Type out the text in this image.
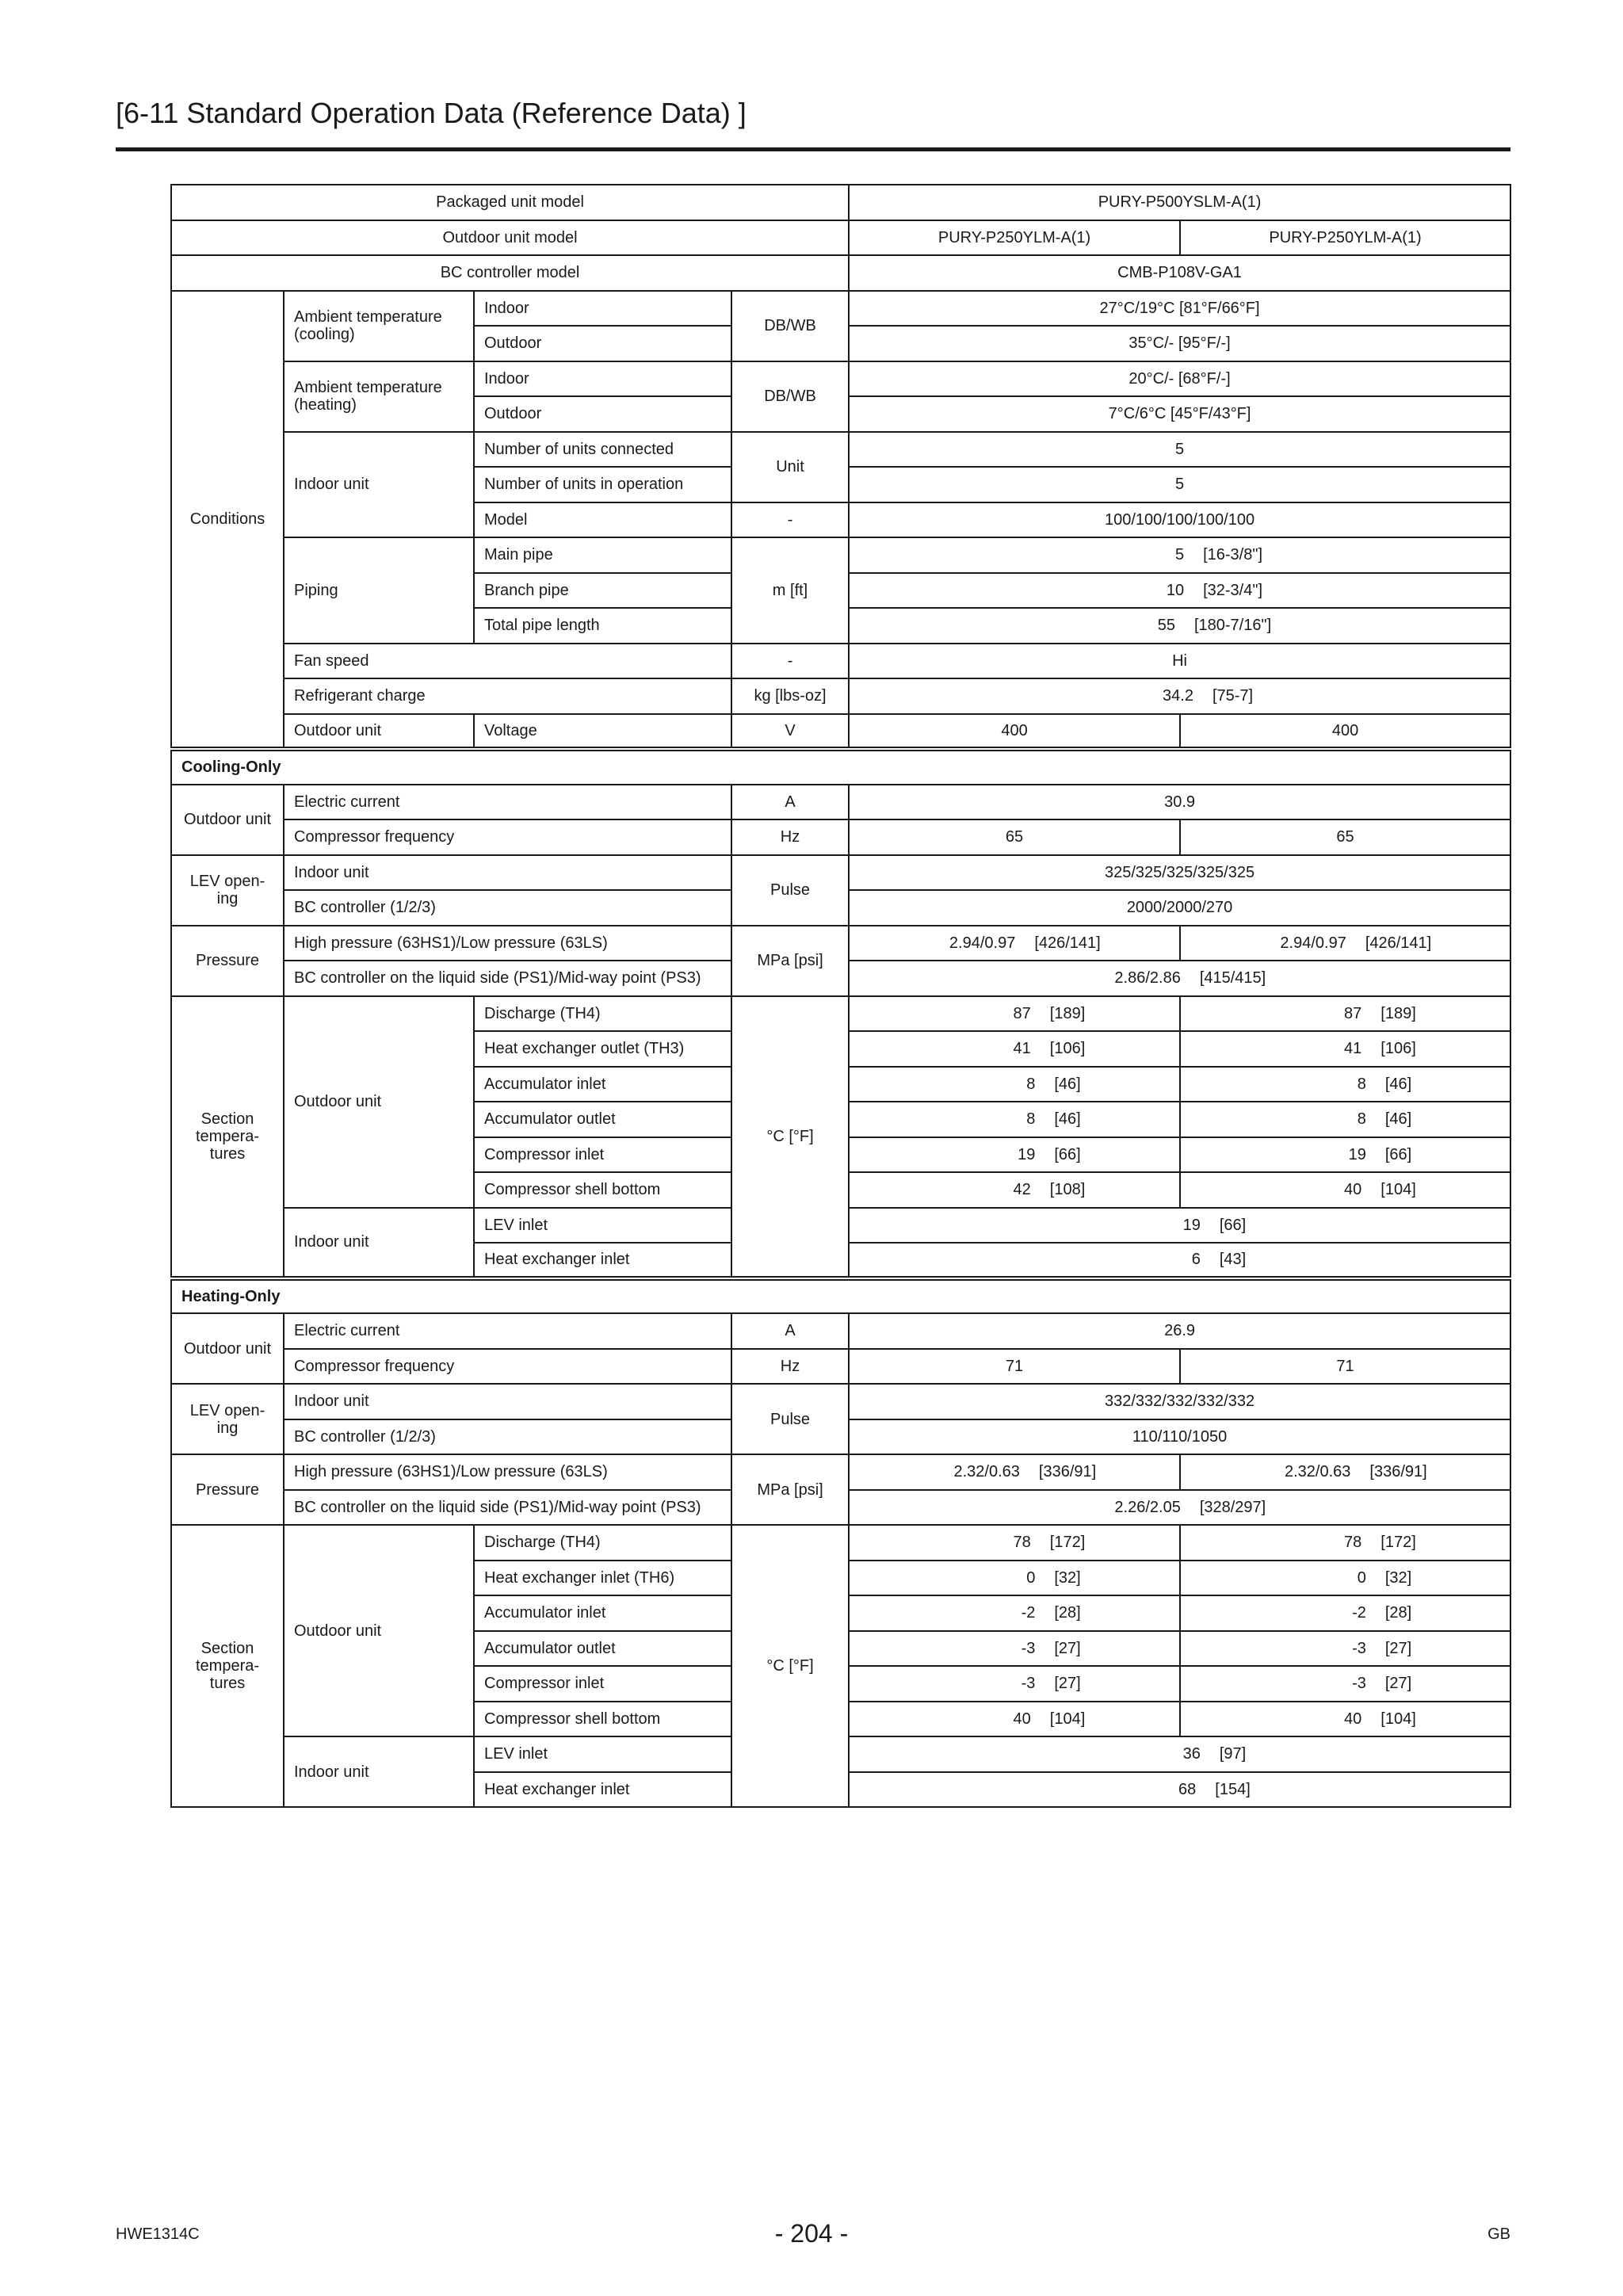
[6-11 Standard Operation Data (Reference Data) ]
Packaged unit model				PURY-P500YSLM-A(1)	
Outdoor unit model				PURY-P250YLM-A(1)	PURY-P250YLM-A(1)
BC controller model				CMB-P108V-GA1	
Conditions	Ambient temperature (cooling)	Indoor	DB/WB	27°C/19°C [81°F/66°F]	
		Outdoor		35°C/- [95°F/-]	
	Ambient temperature (heating)	Indoor	DB/WB	20°C/- [68°F/-]	
		Outdoor		7°C/6°C [45°F/43°F]	
	Indoor unit	Number of units connected	Unit	5	
		Number of units in operation		5	
		Model	-	100/100/100/100/100	
	Piping	Main pipe	m [ft]	5 [16-3/8"]	
		Branch pipe		10 [32-3/4"]	
		Total pipe length		55 [180-7/16"]	
	Fan speed		-	Hi	
	Refrigerant charge		kg [lbs-oz]	34.2 [75-7]	
	Outdoor unit	Voltage	V	400	400
Cooling-Only					
Outdoor unit	Electric current		A	30.9	
	Compressor frequency		Hz	65	65
LEV open-ing	Indoor unit		Pulse	325/325/325/325/325	
	BC controller (1/2/3)			2000/2000/270	
Pressure	High pressure (63HS1)/Low pressure (63LS)		MPa [psi]	2.94/0.97 [426/141]	2.94/0.97 [426/141]
	BC controller on the liquid side (PS1)/Mid-way point (PS3)			2.86/2.86 [415/415]	
Section tempera-tures	Outdoor unit	Discharge (TH4)	°C [°F]	87 [189]	87 [189]
		Heat exchanger outlet (TH3)		41 [106]	41 [106]
		Accumulator inlet		8 [46]	8 [46]
		Accumulator outlet		8 [46]	8 [46]
		Compressor inlet		19 [66]	19 [66]
		Compressor shell bottom		42 [108]	40 [104]
	Indoor unit	LEV inlet		19 [66]	
		Heat exchanger inlet		6 [43]	
Heating-Only					
Outdoor unit	Electric current		A	26.9	
	Compressor frequency		Hz	71	71
LEV open-ing	Indoor unit		Pulse	332/332/332/332/332	
	BC controller (1/2/3)			110/110/1050	
Pressure	High pressure (63HS1)/Low pressure (63LS)		MPa [psi]	2.32/0.63 [336/91]	2.32/0.63 [336/91]
	BC controller on the liquid side (PS1)/Mid-way point (PS3)			2.26/2.05 [328/297]	
Section tempera-tures	Outdoor unit	Discharge (TH4)	°C [°F]	78 [172]	78 [172]
		Heat exchanger inlet (TH6)		0 [32]	0 [32]
		Accumulator inlet		-2 [28]	-2 [28]
		Accumulator outlet		-3 [27]	-3 [27]
		Compressor inlet		-3 [27]	-3 [27]
		Compressor shell bottom		40 [104]	40 [104]
	Indoor unit	LEV inlet		36 [97]	
		Heat exchanger inlet		68 [154]	
HWE1314C	- 204 -	GB
